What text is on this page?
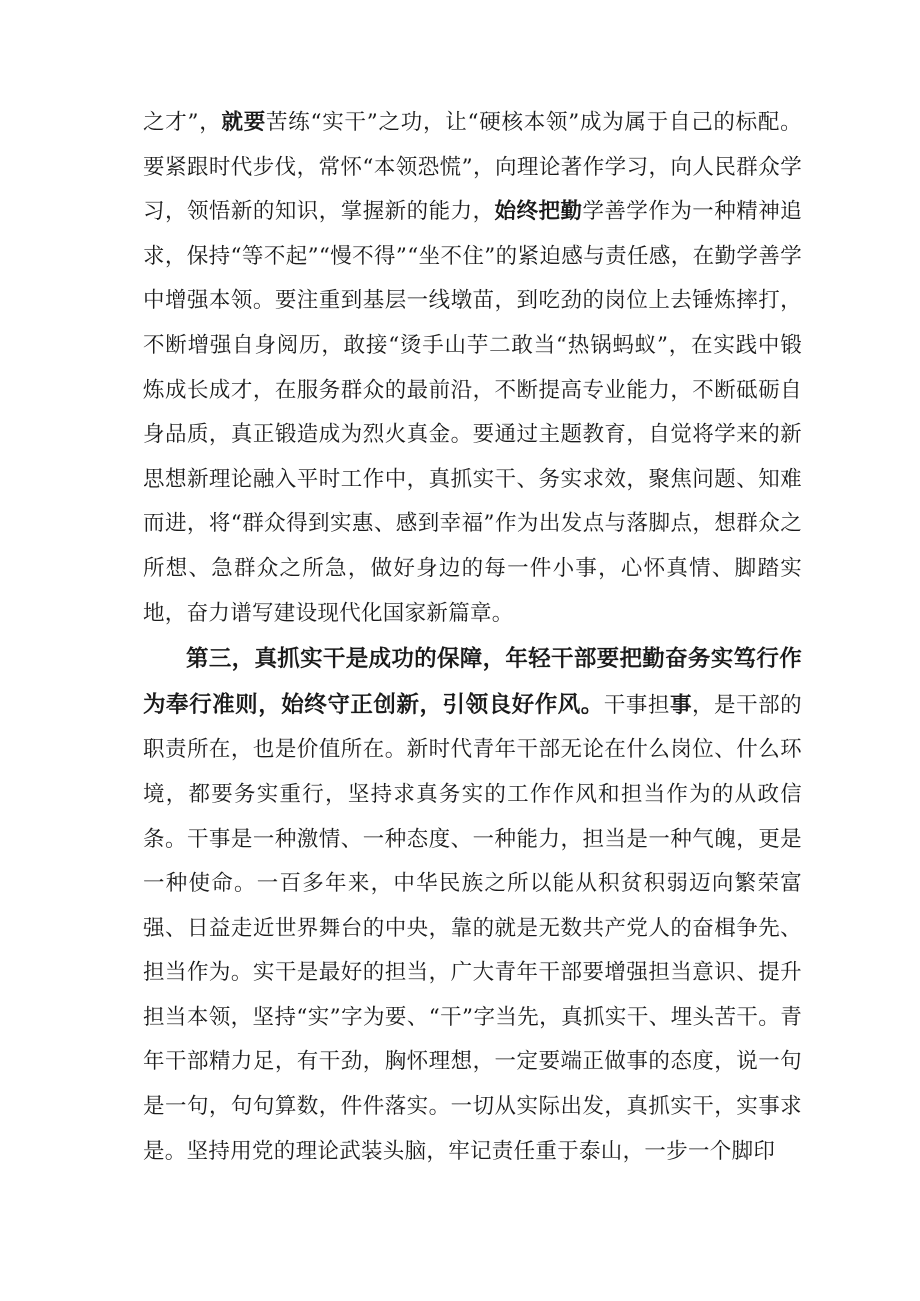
之才”，就要苦练“实干”之功，让“硬核本领”成为属于自己的标配。要紧跟时代步伐，常怀“本领恐慌”，向理论著作学习，向人民群众学习，领悟新的知识，掌握新的能力，始终把勤学善学作为一种精神追求，保持“等不起”“慢不得”“坐不住”的紧迫感与责任感，在勤学善学中增强本领。要注重到基层一线墩苗，到吃劲的岗位上去锤炼摔打，不断增强自身阅历，敢接“烫手山芋二敢当“热锅蚂蚁”，在实践中锻炼成长成才，在服务群众的最前沿，不断提高专业能力，不断砥砺自身品质，真正锻造成为烈火真金。要通过主题教育，自觉将学来的新思想新理论融入平时工作中，真抓实干、务实求效，聚焦问题、知难而进，将“群众得到实惠、感到幸福”作为出发点与落脚点，想群众之所想、急群众之所急，做好身边的每一件小事，心怀真情、脚踏实地，奋力谱写建设现代化国家新篇章。

第三，真抓实干是成功的保障，年轻干部要把勤奋务实笃行作为奉行准则，始终守正创新，引领良好作风。干事担事，是干部的职责所在，也是价值所在。新时代青年干部无论在什么岗位、什么环境，都要务实重行，坚持求真务实的工作作风和担当作为的从政信条。干事是一种激情、一种态度、一种能力，担当是一种气魄，更是一种使命。一百多年来，中华民族之所以能从积贫积弱迈向繁荣富强、日益走近世界舞台的中央，靠的就是无数共产党人的奋楫争先、担当作为。实干是最好的担当，广大青年干部要增强担当意识、提升担当本领，坚持“实”字为要、“干”字当先，真抓实干、埋头苦干。青年干部精力足，有干劲，胸怀理想，一定要端正做事的态度，说一句是一句，句句算数，件件落实。一切从实际出发，真抓实干，实事求是。坚持用党的理论武装头脑，牢记责任重于泰山，一步一个脚印
